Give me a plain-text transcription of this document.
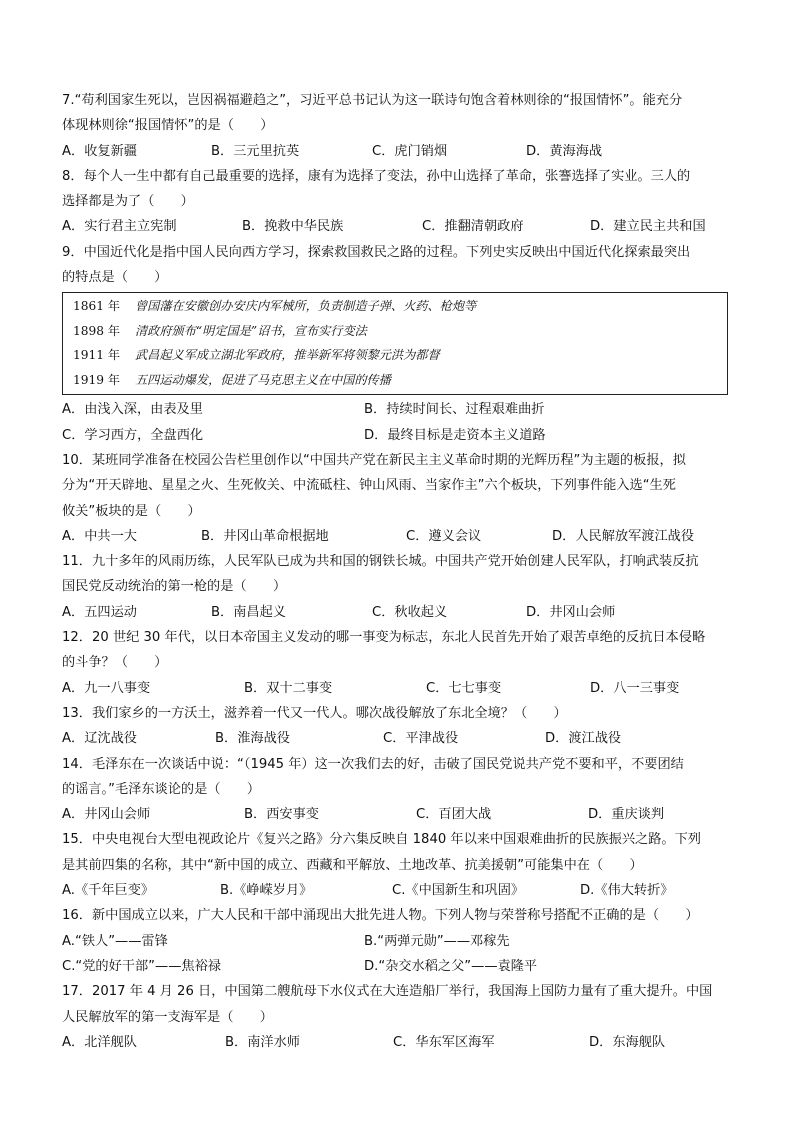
7.“苟利国家生死以，岂因祸福避趋之”，习近平总书记认为这一联诗句饱含着林则徐的“报国情怀”。能充分
体现林则徐“报国情怀”的是（　　）
A．收复新疆	B．三元里抗英	C．虎门销烟	D．黄海海战
8．每个人一生中都有自己最重要的选择，康有为选择了变法，孙中山选择了革命，张謇选择了实业。三人的
选择都是为了（　　）
A．实行君主立宪制	B．挽救中华民族	C．推翻清朝政府	D．建立民主共和国
9．中国近代化是指中国人民向西方学习，探索救国救民之路的过程。下列史实反映出中国近代化探索最突出
的特点是（　　）
1861 年 曾国藩在安徽创办安庆内军械所，负责制造子弹、火药、枪炮等
1898 年 清政府颁布“明定国是”诏书，宣布实行变法
1911 年 武昌起义军成立湖北军政府，推举新军将领黎元洪为都督
1919 年 五四运动爆发，促进了马克思主义在中国的传播
A．由浅入深，由表及里	B．持续时间长、过程艰难曲折
C．学习西方，全盘西化	D．最终目标是走资本主义道路
10．某班同学准备在校园公告栏里创作以“中国共产党在新民主主义革命时期的光辉历程”为主题的板报，拟
分为“开天辟地、星星之火、生死攸关、中流砥柱、钟山风雨、当家作主”六个板块，下列事件能入选“生死
攸关”板块的是（　　）
A．中共一大	B．井冈山革命根据地	C．遵义会议	D．人民解放军渡江战役
11．九十多年的风雨历练，人民军队已成为共和国的钢铁长城。中国共产党开始创建人民军队，打响武装反抗
国民党反动统治的第一枪的是（　　）
A．五四运动	B．南昌起义	C．秋收起义	D．井冈山会师
12．20 世纪 30 年代，以日本帝国主义发动的哪一事变为标志，东北人民首先开始了艰苦卓绝的反抗日本侵略
的斗争？（　　）
A．九一八事变	B．双十二事变	C．七七事变	D．八一三事变
13．我们家乡的一方沃土，滋养着一代又一代人。哪次战役解放了东北全境？（　　）
A．辽沈战役	B．淮海战役	C．平津战役	D．渡江战役
14．毛泽东在一次谈话中说：“（1945 年）这一次我们去的好，击破了国民党说共产党不要和平，不要团结
的谣言。”毛泽东谈论的是（　　）
A．井冈山会师	B．西安事变	C．百团大战	D．重庆谈判
15．中央电视台大型电视政论片《复兴之路》分六集反映自 1840 年以来中国艰难曲折的民族振兴之路。下列
是其前四集的名称，其中“新中国的成立、西藏和平解放、土地改革、抗美援朝”可能集中在（　　）
A.《千年巨变》	B.《峥嵘岁月》	C.《中国新生和巩固》	D.《伟大转折》
16．新中国成立以来，广大人民和干部中涌现出大批先进人物。下列人物与荣誉称号搭配不正确的是（　　）
A.“铁人”——雷锋	B.“两弹元勋”——邓稼先
C.“党的好干部”——焦裕禄	D.“杂交水稻之父”——袁隆平
17．2017 年 4 月 26 日，中国第二艘航母下水仪式在大连造船厂举行，我国海上国防力量有了重大提升。中国
人民解放军的第一支海军是（　　）
A．北洋舰队	B．南洋水师	C．华东军区海军	D．东海舰队
